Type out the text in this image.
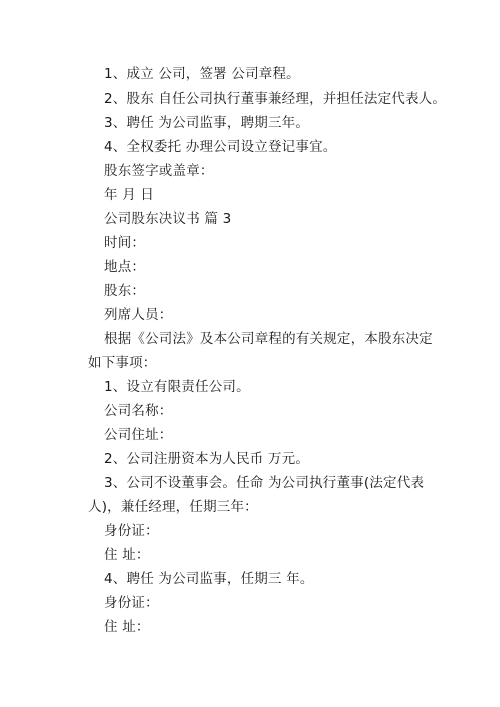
1、成立 公司，签署 公司章程。
2、股东 自任公司执行董事兼经理，并担任法定代表人。
3、聘任 为公司监事，聘期三年。
4、全权委托 办理公司设立登记事宜。
股东签字或盖章：
年 月 日
公司股东决议书 篇 3
时间：
地点：
股东：
列席人员：
根据《公司法》及本公司章程的有关规定，本股东决定
如下事项：
1、设立有限责任公司。
公司名称：
公司住址：
2、公司注册资本为人民币 万元。
3、公司不设董事会。任命 为公司执行董事(法定代表
人)，兼任经理，任期三年：
身份证：
住 址：
4、聘任 为公司监事，任期三 年。
身份证：
住 址：
